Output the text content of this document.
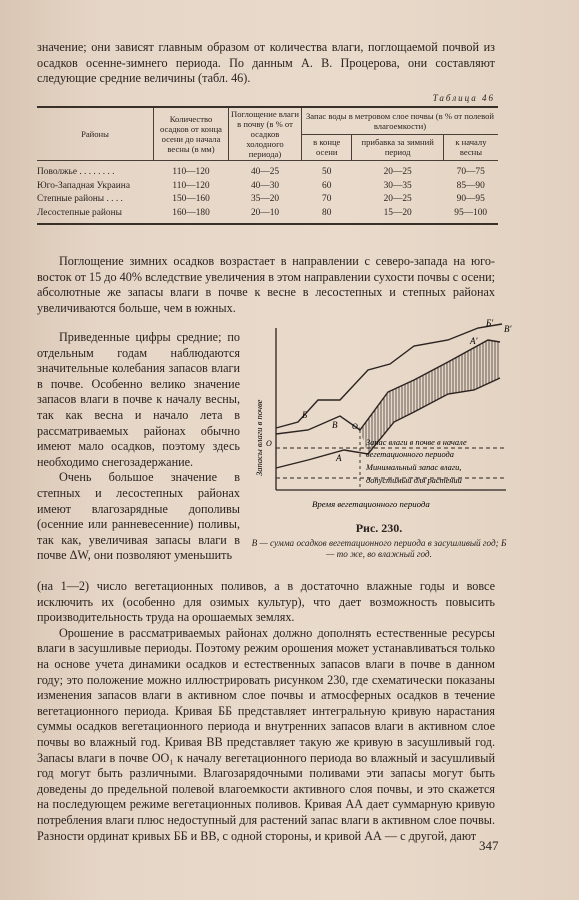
значение; они зависят главным образом от количества влаги, поглощаемой почвой из осадков осенне-зимнего периода. По данным А. В. Процерова, они составляют следующие средние величины (табл. 46).

Таблица 46
Районы	Количество осадков от конца осени до начала весны (в мм)	Поглощение влаги в почву (в % от осадков холодного периода)	Запас воды в метровом слое почвы (в % от полевой влагоемкости)		
			в конце осени	прибавка за зимний период	к началу весны
Поволжье . . . . . . . .	110—120	40—25	50	20—25	70—75
Юго-Западная Украина	110—120	40—30	60	30—35	85—90
Степные районы . . . .	150—160	35—20	70	20—25	90—95
Лесостепные районы	160—180	20—10	80	15—20	95—100

Поглощение зимних осадков возрастает в направлении с северо-запада на юго-восток от 15 до 40% вследствие увеличения в этом направлении сухости почвы с осени; абсолютные же запасы влаги в почве к весне в лесостепных и степных районах увеличиваются больше, чем в южных.

Приведенные цифры средние; по отдельным годам наблюдаются значительные колебания запасов влаги в почве. Особенно велико значение запасов влаги в почве к началу весны, так как весна и начало лета в рассматриваемых районах обычно имеют мало осадков, поэтому здесь необходимо снегозадержание.

Очень большое значение в степных и лесостепных районах имеют влагозарядные дополивы (осенние или ранневесенние) поливы, так как, увеличивая запасы влаги в почве ΔW, они позволяют уменьшить

Б
Б'
В
В'
А
А'
O
O₁
Запас влаги в почве в начале
вегетационного периода
Минимальный запас влаги,
допустимый для растений
Запасы влаги в почве
Время вегетационного периода
Рис. 230.
В — сумма осадков вегетационного периода в засушливый год; Б — то же, во влажный год.

(на 1—2) число вегетационных поливов, а в достаточно влажные годы и вовсе исключить их (особенно для озимых культур), что дает возможность повысить производительность труда на орошаемых землях.

Орошение в рассматриваемых районах должно дополнять естественные ресурсы влаги в засушливые периоды. Поэтому режим орошения может устанавливаться только на основе учета динамики осадков и естественных запасов влаги в почве в данном году; это положение можно иллюстрировать рисунком 230, где схематически показаны изменения запасов влаги в активном слое почвы и атмосферных осадков в течение вегетационного периода. Кривая ББ представляет интегральную кривую нарастания суммы осадков вегетационного периода и внутренних запасов влаги в активном слое почвы во влажный год. Кривая ВВ представляет такую же кривую в засушливый год. Запасы влаги в почве OO₁ к началу вегетационного периода во влажный и засушливый год могут быть различными. Влагозарядочными поливами эти запасы могут быть доведены до предельной полевой влагоемкости активного слоя почвы, и это скажется на последующем режиме вегетационных поливов. Кривая АА дает суммарную кривую потребления влаги плюс недоступный для растений запас влаги в активном слое почвы. Разности ординат кривых ББ и ВВ, с одной стороны, и кривой АА — с другой, дают

347
